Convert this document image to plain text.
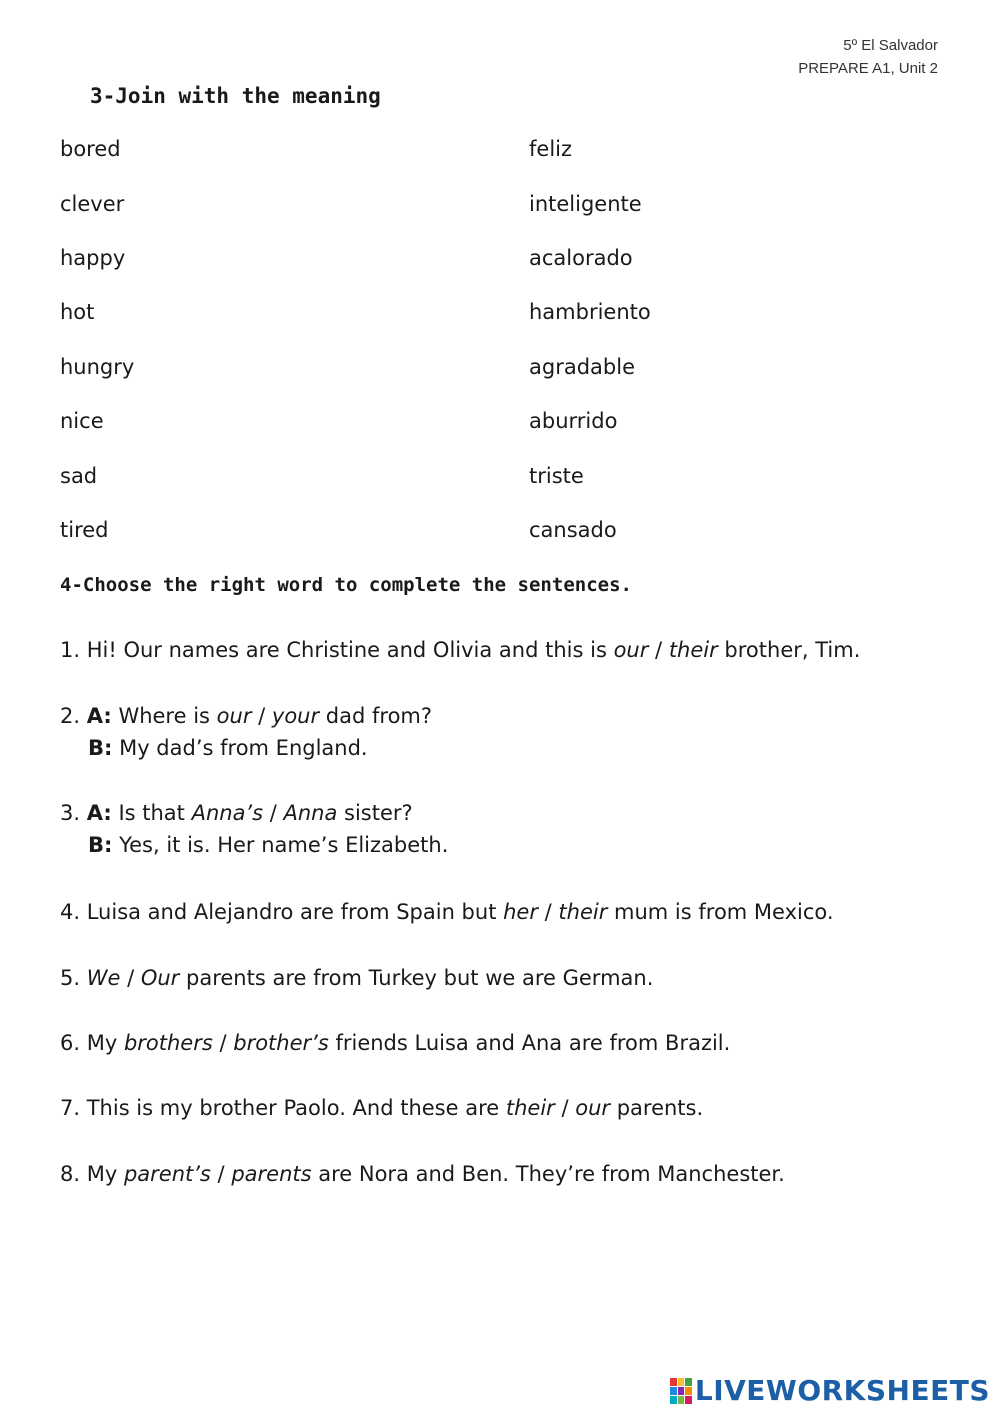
5º El Salvador
PREPARE A1, Unit 2
3-Join with the meaning
bored
clever
happy
hot
hungry
nice
sad
tired
feliz
inteligente
acalorado
hambriento
agradable
aburrido
triste
cansado
4-Choose the right word to complete the sentences.
1. Hi! Our names are Christine and Olivia and this is our / their brother, Tim.
2. A: Where is our / your dad from?
B: My dad’s from England.
3. A: Is that Anna’s / Anna sister?
B: Yes, it is. Her name’s Elizabeth.
4. Luisa and Alejandro are from Spain but her / their mum is from Mexico.
5. We / Our parents are from Turkey but we are German.
6. My brothers / brother’s friends Luisa and Ana are from Brazil.
7. This is my brother Paolo. And these are their / our parents.
8. My parent’s / parents are Nora and Ben. They’re from Manchester.
LIVEWORKSHEETS
